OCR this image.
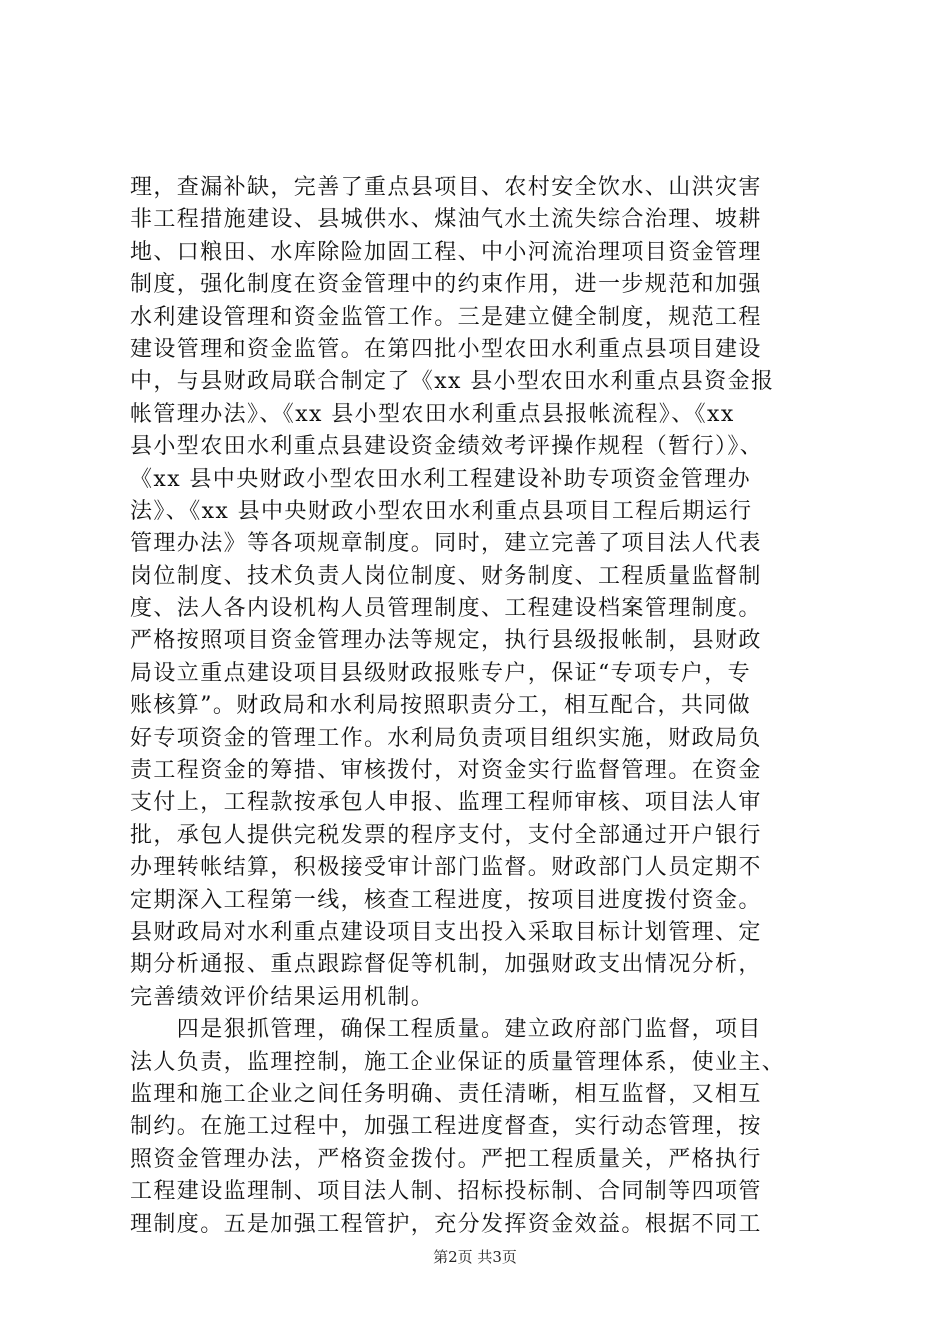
理，查漏补缺，完善了重点县项目、农村安全饮水、山洪灾害
非工程措施建设、县城供水、煤油气水土流失综合治理、坡耕
地、口粮田、水库除险加固工程、中小河流治理项目资金管理
制度，强化制度在资金管理中的约束作用，进一步规范和加强
水利建设管理和资金监管工作。三是建立健全制度，规范工程
建设管理和资金监管。在第四批小型农田水利重点县项目建设
中，与县财政局联合制定了《xx 县小型农田水利重点县资金报
帐管理办法》、《xx 县小型农田水利重点县报帐流程》、《xx
县小型农田水利重点县建设资金绩效考评操作规程（暂行）》、
《xx 县中央财政小型农田水利工程建设补助专项资金管理办
法》、《xx 县中央财政小型农田水利重点县项目工程后期运行
管理办法》等各项规章制度。同时，建立完善了项目法人代表
岗位制度、技术负责人岗位制度、财务制度、工程质量监督制
度、法人各内设机构人员管理制度、工程建设档案管理制度。
严格按照项目资金管理办法等规定，执行县级报帐制，县财政
局设立重点建设项目县级财政报账专户，保证“专项专户，专
账核算”。财政局和水利局按照职责分工，相互配合，共同做
好专项资金的管理工作。水利局负责项目组织实施，财政局负
责工程资金的筹措、审核拨付，对资金实行监督管理。在资金
支付上，工程款按承包人申报、监理工程师审核、项目法人审
批，承包人提供完税发票的程序支付，支付全部通过开户银行
办理转帐结算，积极接受审计部门监督。财政部门人员定期不
定期深入工程第一线，核查工程进度，按项目进度拨付资金。
县财政局对水利重点建设项目支出投入采取目标计划管理、定
期分析通报、重点跟踪督促等机制，加强财政支出情况分析，
完善绩效评价结果运用机制。
　　四是狠抓管理，确保工程质量。建立政府部门监督，项目
法人负责，监理控制，施工企业保证的质量管理体系，使业主、
监理和施工企业之间任务明确、责任清晰，相互监督，又相互
制约。在施工过程中，加强工程进度督查，实行动态管理，按
照资金管理办法，严格资金拨付。严把工程质量关，严格执行
工程建设监理制、项目法人制、招标投标制、合同制等四项管
理制度。五是加强工程管护，充分发挥资金效益。根据不同工
第2页 共3页
